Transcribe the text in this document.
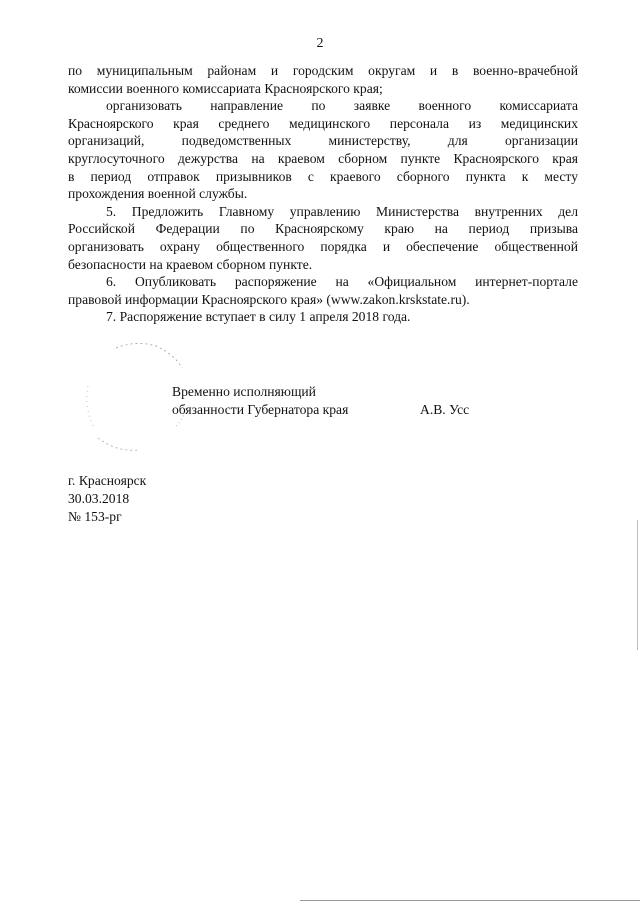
2

по муниципальным районам и городским округам и в военно-врачебной

комиссии военного комиссариата Красноярского края;

организовать направление по заявке военного комиссариата

Красноярского края среднего медицинского персонала из медицинских

организаций, подведомственных министерству, для организации

круглосуточного дежурства на краевом сборном пункте Красноярского края

в период отправок призывников с краевого сборного пункта к месту

прохождения военной службы.

5. Предложить Главному управлению Министерства внутренних дел

Российской Федерации по Красноярскому краю на период призыва

организовать охрану общественного порядка и обеспечение общественной

безопасности на краевом сборном пункте.

6. Опубликовать распоряжение на «Официальном интернет-портале

правовой информации Красноярского края» (www.zakon.krskstate.ru).

7. Распоряжение вступает в силу 1 апреля 2018 года.

Временно исполняющий
обязанности Губернатора края	А.В. Усс
г. Красноярск
30.03.2018
№ 153-рг
